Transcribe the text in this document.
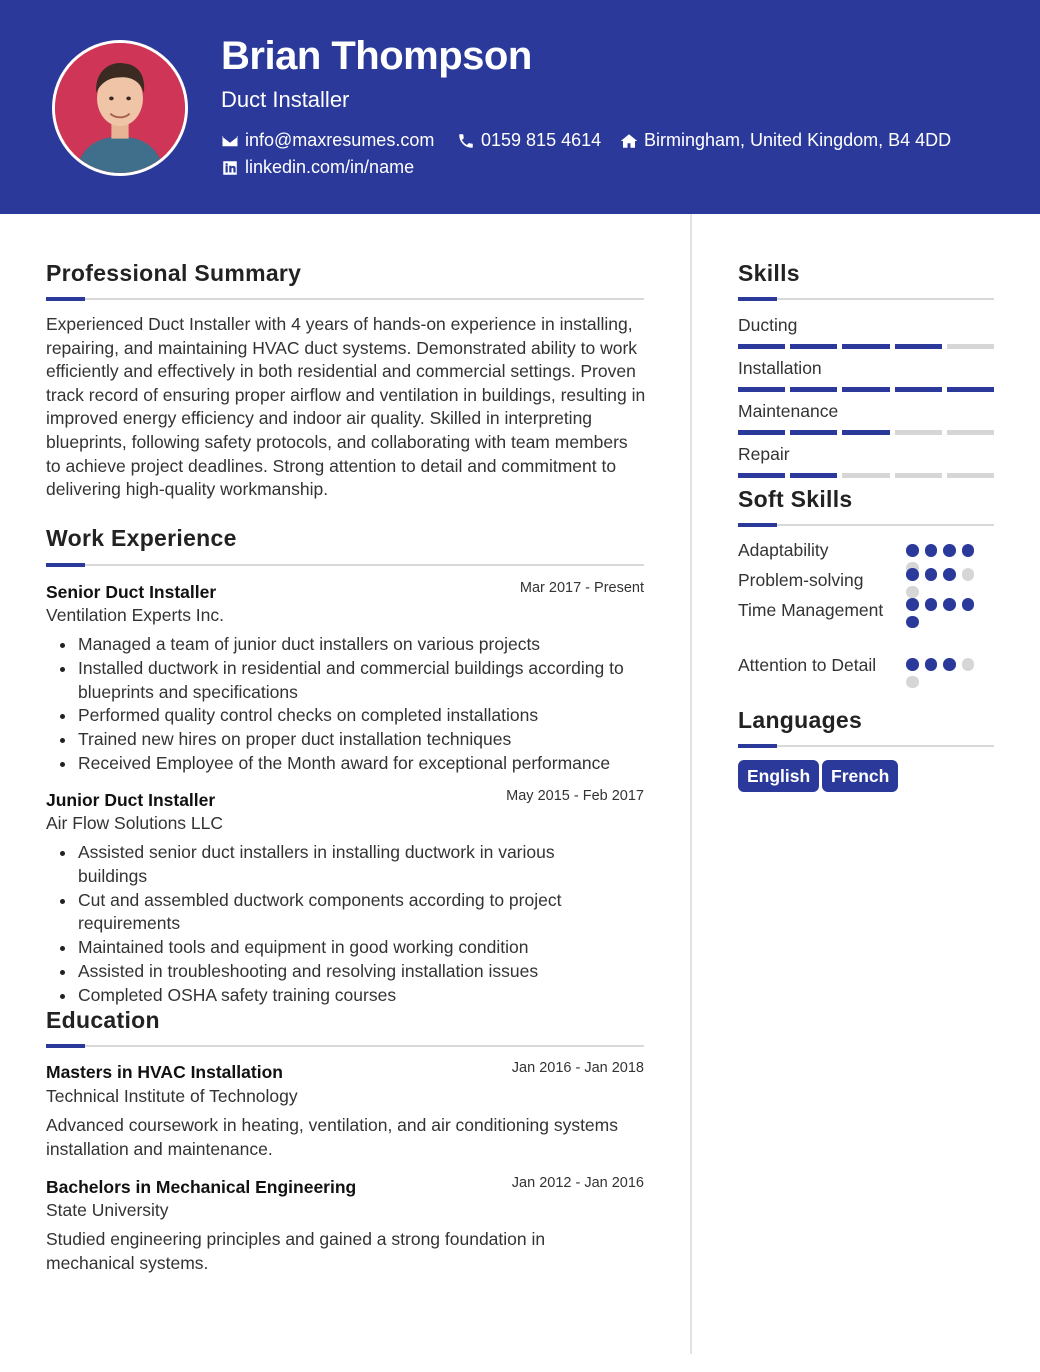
Brian Thompson
Duct Installer
info@maxresumes.com	0159 815 4614 Birmingham, United Kingdom, B4 4DD
linkedin.com/in/name
Professional Summary
Experienced Duct Installer with 4 years of hands-on experience in installing, repairing, and maintaining HVAC duct systems. Demonstrated ability to work efficiently and effectively in both residential and commercial settings. Proven track record of ensuring proper airflow and ventilation in buildings, resulting in improved energy efficiency and indoor air quality. Skilled in interpreting blueprints, following safety protocols, and collaborating with team members to achieve project deadlines. Strong attention to detail and commitment to delivering high-quality workmanship.
Work Experience
Senior Duct Installer	Mar 2017 - Present
Ventilation Experts Inc.
Managed a team of junior duct installers on various projects
Installed ductwork in residential and commercial buildings according to blueprints and specifications
Performed quality control checks on completed installations
Trained new hires on proper duct installation techniques
Received Employee of the Month award for exceptional performance
Junior Duct Installer	May 2015 - Feb 2017
Air Flow Solutions LLC
Assisted senior duct installers in installing ductwork in various buildings
Cut and assembled ductwork components according to project requirements
Maintained tools and equipment in good working condition
Assisted in troubleshooting and resolving installation issues
Completed OSHA safety training courses
Education
Masters in HVAC Installation	Jan 2016 - Jan 2018
Technical Institute of Technology
Advanced coursework in heating, ventilation, and air conditioning systems installation and maintenance.
Bachelors in Mechanical Engineering	Jan 2012 - Jan 2016
State University
Studied engineering principles and gained a strong foundation in mechanical systems.
Skills
Ducting
Installation
Maintenance
Repair
Soft Skills
Adaptability
Problem-solving
Time Management
Attention to Detail
Languages
English	French
